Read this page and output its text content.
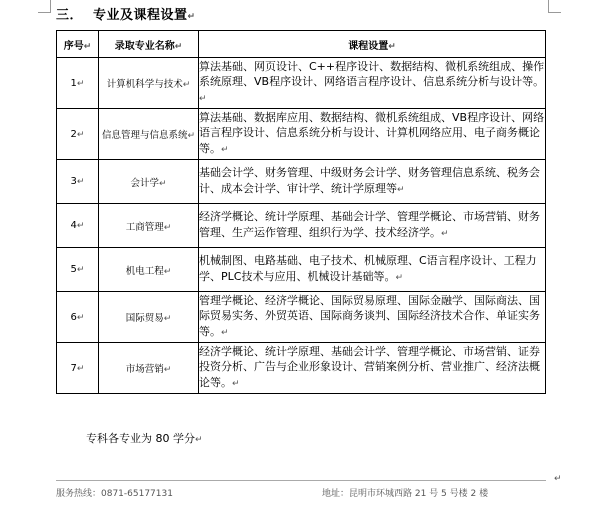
三． 专业及课程设置↵
序号↵	录取专业名称↵	课程设置↵
1↵	计算机科学与技术↵	算法基础、网页设计、C++程序设计、数据结构、微机系统组成、操作系统原理、VB程序设计、网络语言程序设计、信息系统分析与设计等。↵
2↵	信息管理与信息系统↵	算法基础、数据库应用、数据结构、微机系统组成、VB程序设计、网络语言程序设计、信息系统分析与设计、计算机网络应用、电子商务概论等。↵
3↵	会计学↵	基础会计学、财务管理、中级财务会计学、财务管理信息系统、税务会计、成本会计学、审计学、统计学原理等↵
4↵	工商管理↵	经济学概论、统计学原理、基础会计学、管理学概论、市场营销、财务管理、生产运作管理、组织行为学、技术经济学。↵
5↵	机电工程↵	机械制图、电路基础、电子技术、机械原理、C语言程序设计、工程力学、PLC技术与应用、机械设计基础等。↵
6↵	国际贸易↵	管理学概论、经济学概论、国际贸易原理、国际金融学、国际商法、国际贸易实务、外贸英语、国际商务谈判、国际经济技术合作、单证实务等。↵
7↵	市场营销↵	经济学概论、统计学原理、基础会计学、管理学概论、市场营销、证券投资分析、广告与企业形象设计、营销案例分析、营业推广、经济法概论等。↵
专科各专业为 80 学分↵
服务热线：0871-65177131	地址：昆明市环城西路 21 号 5 号楼 2 楼
↵
